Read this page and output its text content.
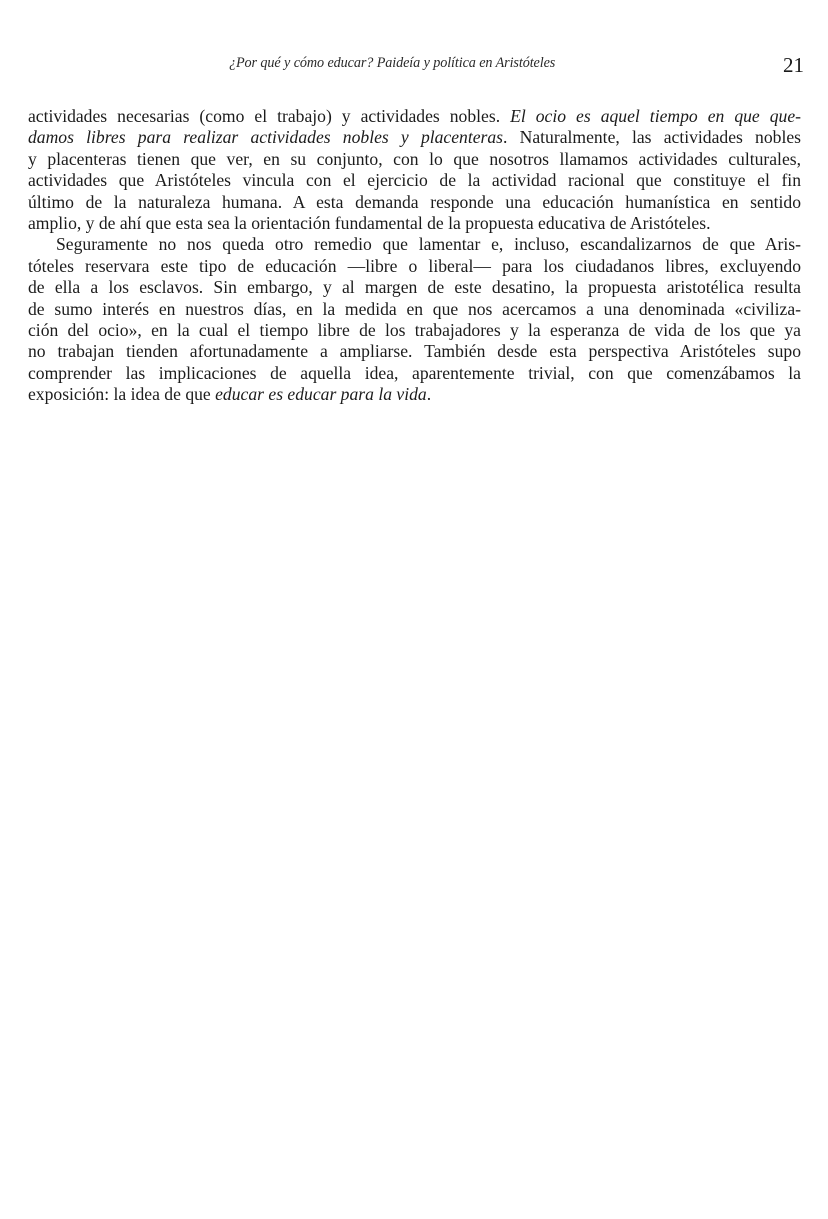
¿Por qué y cómo educar? Paideía y política en Aristóteles	21
actividades necesarias (como el trabajo) y actividades nobles. El ocio es aquel tiempo en que que-
damos libres para realizar actividades nobles y placenteras. Naturalmente, las actividades nobles
y placenteras tienen que ver, en su conjunto, con lo que nosotros llamamos actividades culturales,
actividades que Aristóteles vincula con el ejercicio de la actividad racional que constituye el fin
último de la naturaleza humana. A esta demanda responde una educación humanística en sentido
amplio, y de ahí que esta sea la orientación fundamental de la propuesta educativa de Aristóteles.
Seguramente no nos queda otro remedio que lamentar e, incluso, escandalizarnos de que Aris-
tóteles reservara este tipo de educación —libre o liberal— para los ciudadanos libres, excluyendo
de ella a los esclavos. Sin embargo, y al margen de este desatino, la propuesta aristotélica resulta
de sumo interés en nuestros días, en la medida en que nos acercamos a una denominada «civiliza-
ción del ocio», en la cual el tiempo libre de los trabajadores y la esperanza de vida de los que ya
no trabajan tienden afortunadamente a ampliarse. También desde esta perspectiva Aristóteles supo
comprender las implicaciones de aquella idea, aparentemente trivial, con que comenzábamos la
exposición: la idea de que educar es educar para la vida.
